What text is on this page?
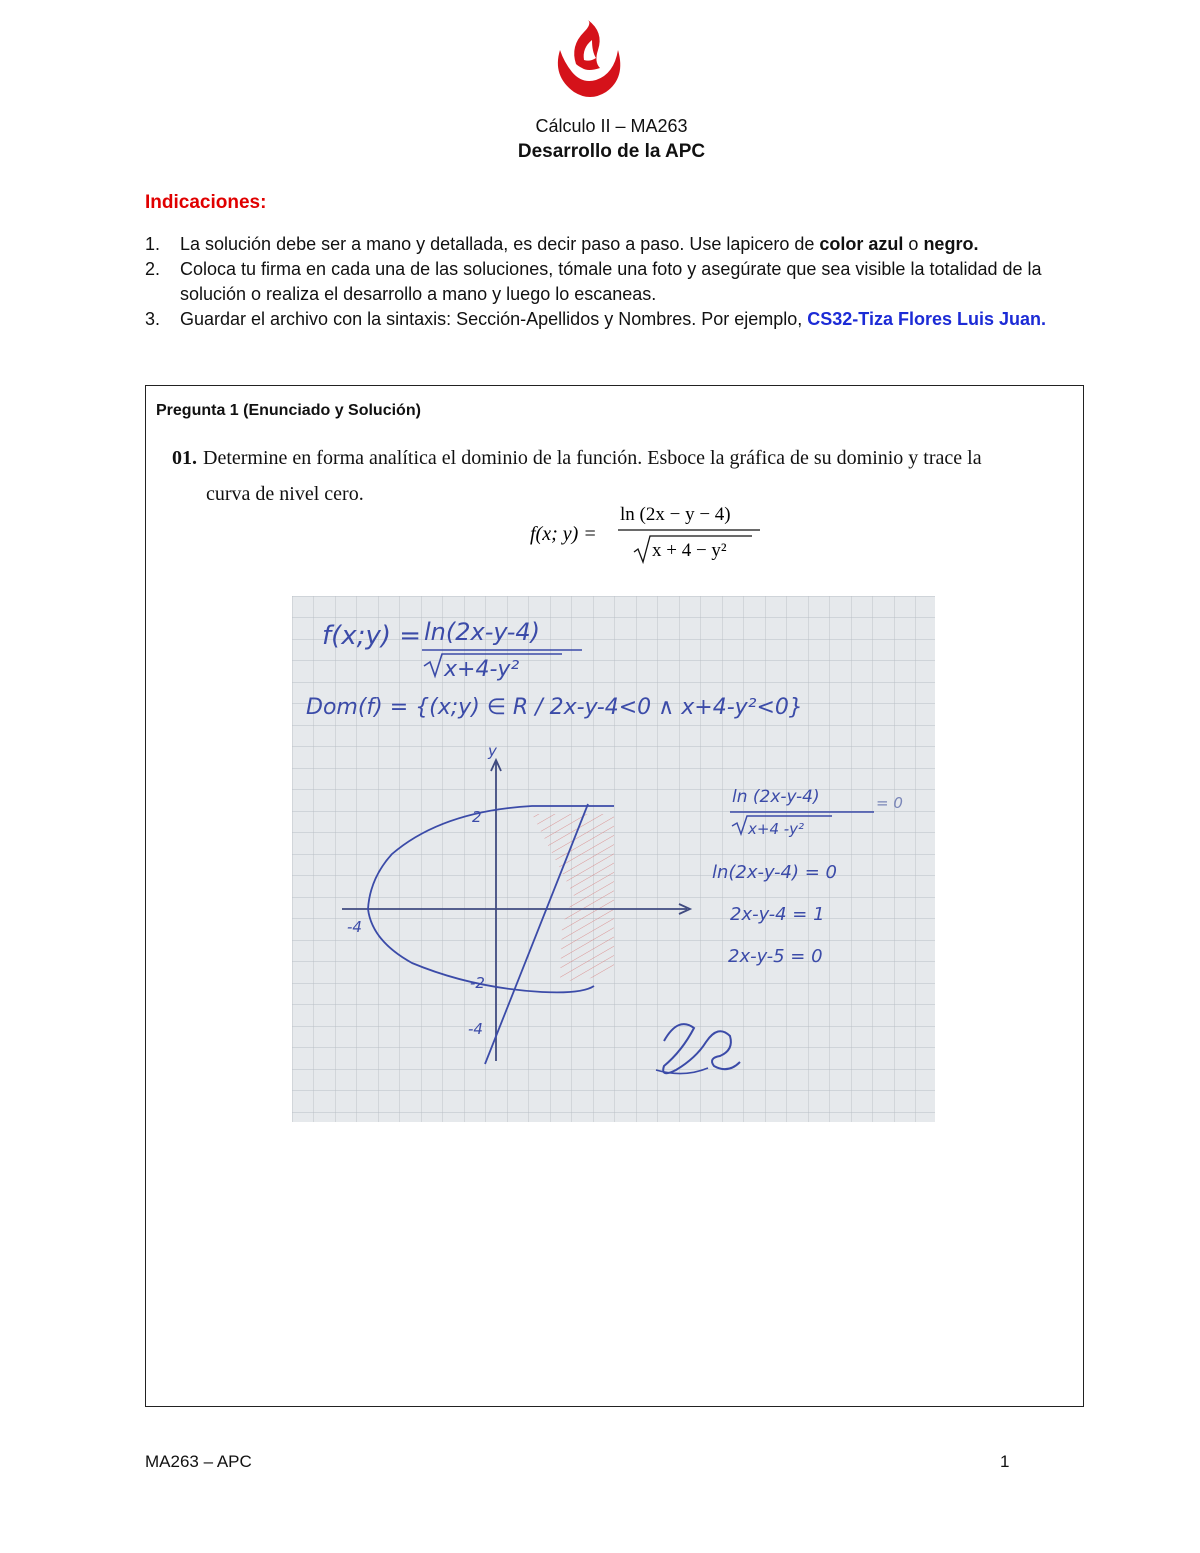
Cálculo II – MA263
Desarrollo de la APC
Indicaciones:
1. La solución debe ser a mano y detallada, es decir paso a paso. Use lapicero de color azul o negro.
2. Coloca tu firma en cada una de las soluciones, tómale una foto y asegúrate que sea visible la totalidad de la solución o realiza el desarrollo a mano y luego lo escaneas.
3. Guardar el archivo con la sintaxis: Sección-Apellidos y Nombres. Por ejemplo, CS32-Tiza Flores Luis Juan.
Pregunta 1 (Enunciado y Solución)
01. Determine en forma analítica el dominio de la función. Esboce la gráfica de su dominio y trace la
curva de nivel cero.
f(x; y) =
ln (2x − y − 4)
x + 4 − y²
f(x;y) = ln(2x-y-4)
x+4-y²
Dom(f) = {(x;y) ∈ R / 2x-y-4<0 ∧ x+4-y²<0}
y
2
-4
-2
-4
ln (2x-y-4)
x+4 -y²
= 0
ln(2x-y-4) = 0
2x-y-4 = 1
2x-y-5 = 0
MA263 – APC	1
